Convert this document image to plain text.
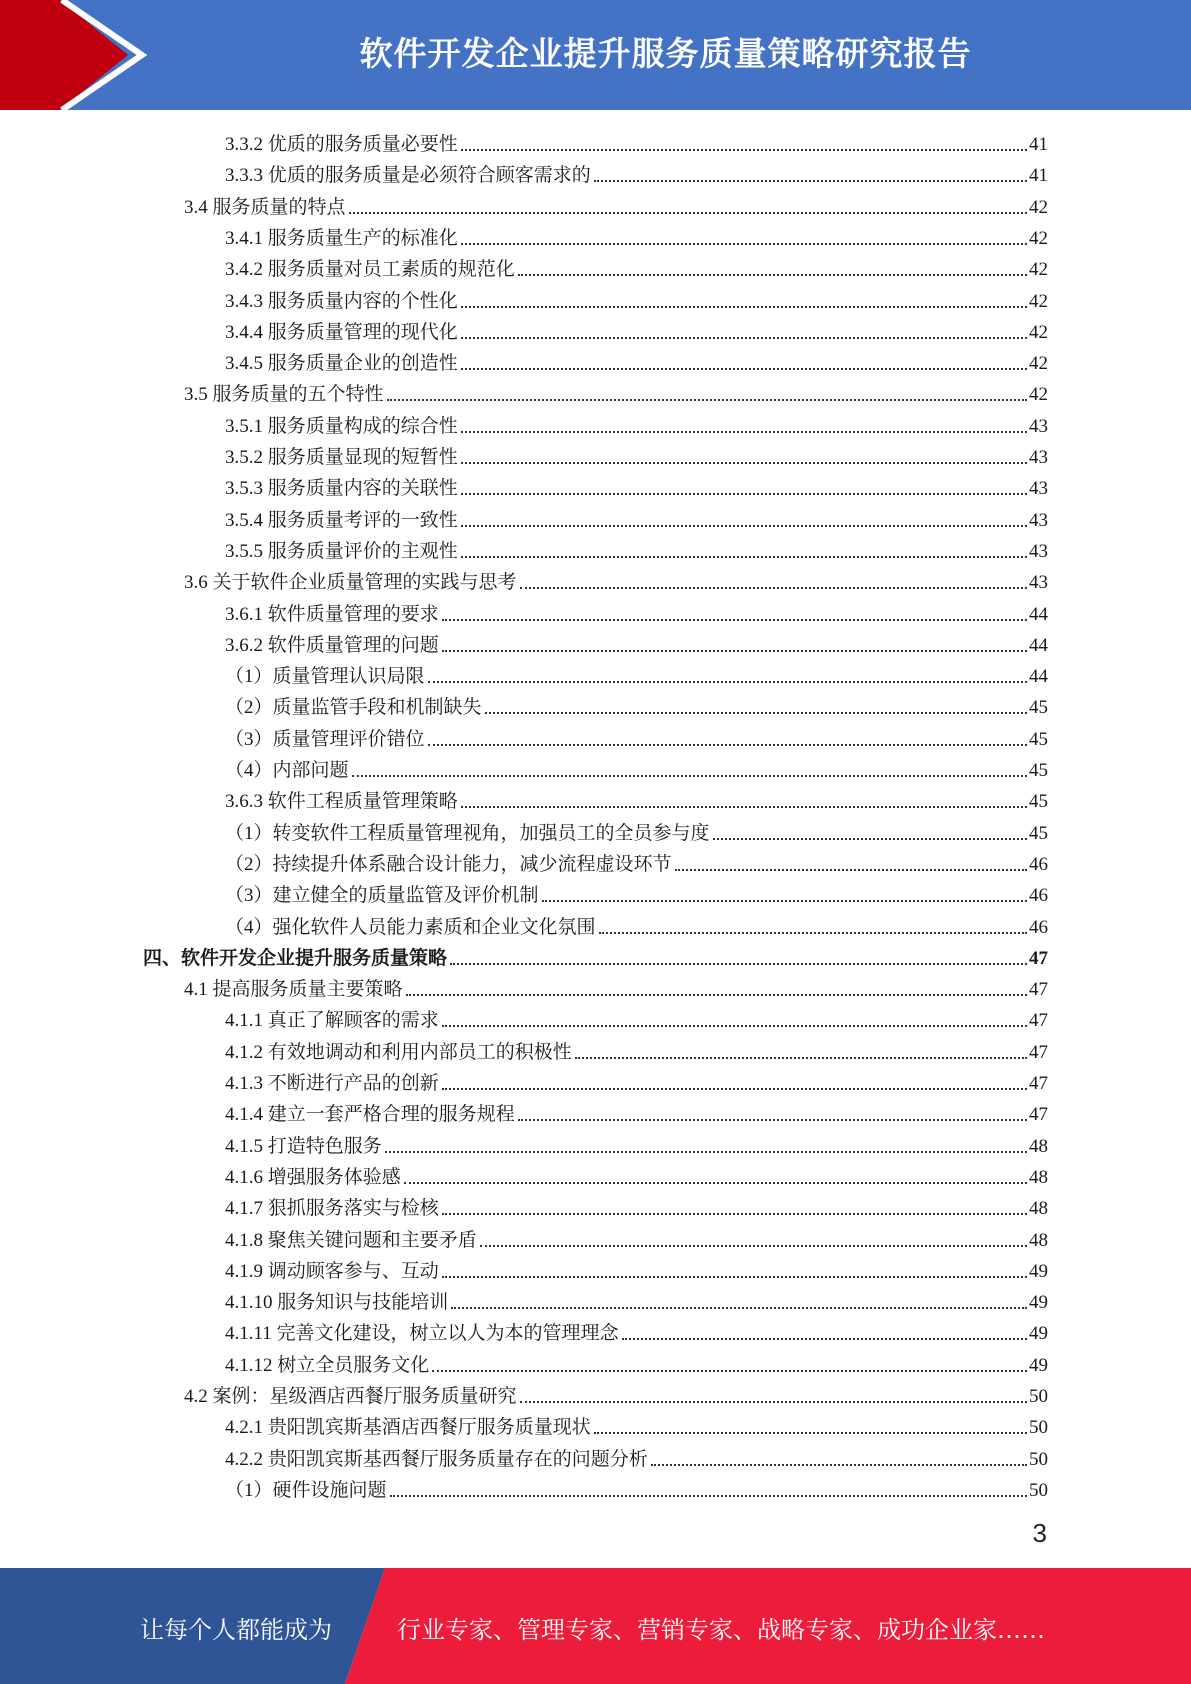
软件开发企业提升服务质量策略研究报告
3.3.2 优质的服务质量必要性	41
3.3.3 优质的服务质量是必须符合顾客需求的	41
3.4 服务质量的特点	42
3.4.1 服务质量生产的标准化	42
3.4.2 服务质量对员工素质的规范化	42
3.4.3 服务质量内容的个性化	42
3.4.4 服务质量管理的现代化	42
3.4.5 服务质量企业的创造性	42
3.5 服务质量的五个特性	42
3.5.1 服务质量构成的综合性	43
3.5.2 服务质量显现的短暂性	43
3.5.3 服务质量内容的关联性	43
3.5.4 服务质量考评的一致性	43
3.5.5 服务质量评价的主观性	43
3.6 关于软件企业质量管理的实践与思考	43
3.6.1 软件质量管理的要求	44
3.6.2 软件质量管理的问题	44
（1）质量管理认识局限	44
（2）质量监管手段和机制缺失	45
（3）质量管理评价错位	45
（4）内部问题	45
3.6.3 软件工程质量管理策略	45
（1）转变软件工程质量管理视角，加强员工的全员参与度	45
（2）持续提升体系融合设计能力，减少流程虚设环节	46
（3）建立健全的质量监管及评价机制	46
（4）强化软件人员能力素质和企业文化氛围	46
四、软件开发企业提升服务质量策略	47
4.1 提高服务质量主要策略	47
4.1.1 真正了解顾客的需求	47
4.1.2 有效地调动和利用内部员工的积极性	47
4.1.3 不断进行产品的创新	47
4.1.4 建立一套严格合理的服务规程	47
4.1.5 打造特色服务	48
4.1.6 增强服务体验感	48
4.1.7 狠抓服务落实与检核	48
4.1.8 聚焦关键问题和主要矛盾	48
4.1.9 调动顾客参与、互动	49
4.1.10 服务知识与技能培训	49
4.1.11 完善文化建设，树立以人为本的管理理念	49
4.1.12 树立全员服务文化	49
4.2 案例：星级酒店西餐厅服务质量研究	50
4.2.1 贵阳凯宾斯基酒店西餐厅服务质量现状	50
4.2.2 贵阳凯宾斯基西餐厅服务质量存在的问题分析	50
（1）硬件设施问题	50
3
让每个人都能成为	行业专家、管理专家、营销专家、战略专家、成功企业家……
